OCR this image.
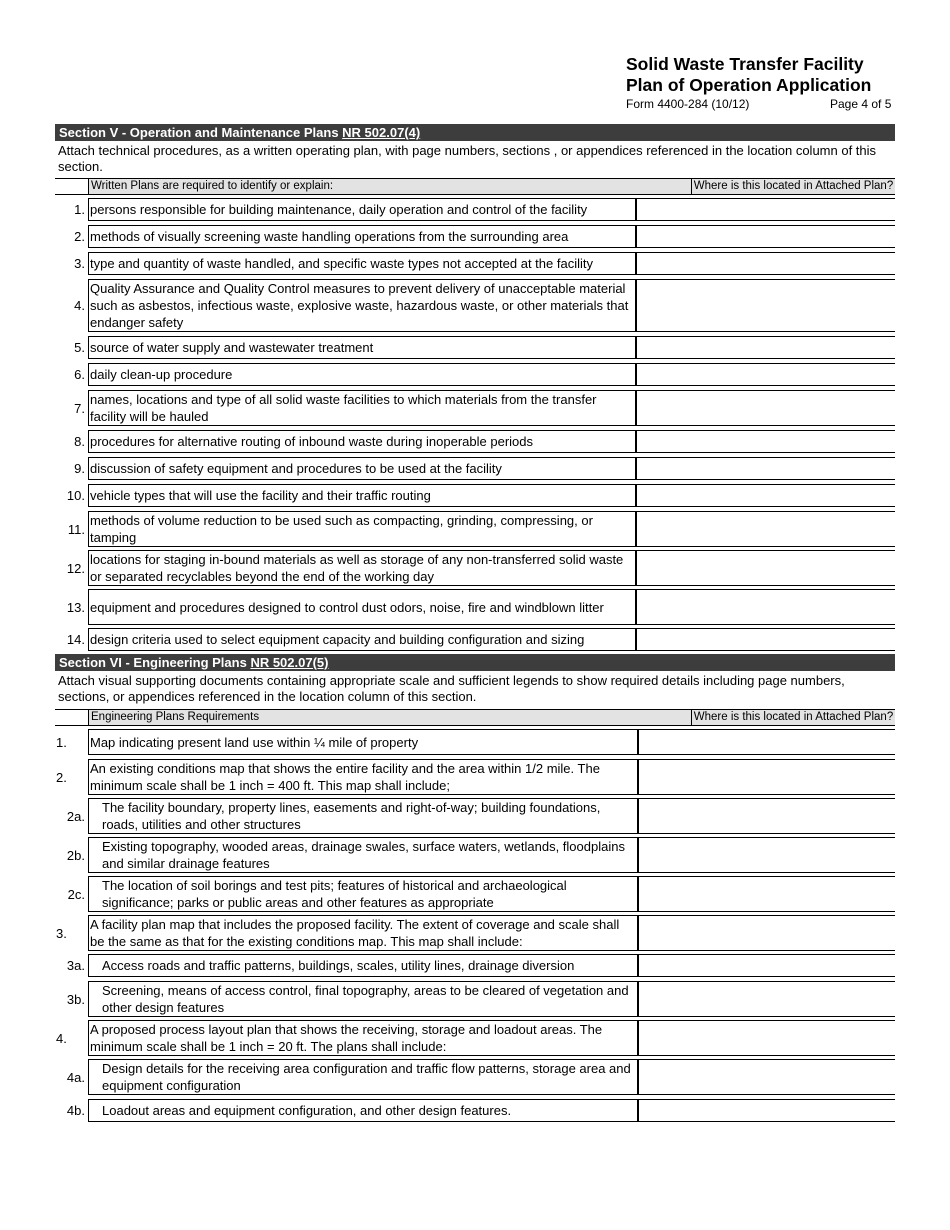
Solid Waste Transfer Facility
Plan of Operation Application
Form 4400-284 (10/12)	Page 4 of 5
Section V - Operation and Maintenance Plans NR 502.07(4)
Attach technical procedures, as a written operating plan, with page numbers, sections , or appendices referenced in the location column of this section.
Written Plans are required to identify or explain:	Where is this located in Attached Plan?
1. persons responsible for building maintenance, daily operation and control of the facility
2. methods of visually screening waste handling operations from the surrounding area
3. type and quantity of waste handled, and specific waste types not accepted at the facility
4.
Quality Assurance and Quality Control measures to prevent delivery of unacceptable material such as asbestos, infectious waste, explosive waste, hazardous waste, or other materials that endanger safety
5. source of water supply and wastewater treatment
6. daily clean-up procedure
7.
names, locations and type of all solid waste facilities to which materials from the transfer facility will be hauled
8. procedures for alternative routing of inbound waste during inoperable periods
9. discussion of safety equipment and procedures to be used at the facility
10. vehicle types that will use the facility and their traffic routing
11.
methods of volume reduction to be used such as compacting, grinding, compressing, or tamping
12.
locations for staging in-bound materials as well as storage of any non-transferred solid waste or separated recyclables beyond the end of the working day
13. equipment and procedures designed to control dust odors, noise, fire and windblown litter
14. design criteria used to select equipment capacity and building configuration and sizing
Section VI - Engineering Plans NR 502.07(5)
Attach visual supporting documents containing appropriate scale and sufficient legends to show required details including page numbers, sections, or appendices referenced in the location column of this section.
Engineering Plans Requirements	Where is this located in Attached Plan?
1.	Map indicating present land use within ¼ mile of property
2.
An existing conditions map that shows the entire facility and the area within 1/2 mile. The minimum scale shall be 1 inch = 400 ft. This map shall include;
2a.
The facility boundary, property lines, easements and right-of-way; building foundations, roads, utilities and other structures
2b.
Existing topography, wooded areas, drainage swales, surface waters, wetlands, floodplains and similar drainage features
2c.
The location of soil borings and test pits; features of historical and archaeological significance; parks or public areas and other features as appropriate
3.
A facility plan map that includes the proposed facility. The extent of coverage and scale shall be the same as that for the existing conditions map. This map shall include:
3a. Access roads and traffic patterns, buildings, scales, utility lines, drainage diversion
3b.
Screening, means of access control, final topography, areas to be cleared of vegetation and other design features
4.
A proposed process layout plan that shows the receiving, storage and loadout areas. The minimum scale shall be 1 inch = 20 ft. The plans shall include:
4a.
Design details for the receiving area configuration and traffic flow patterns, storage area and equipment configuration
4b. Loadout areas and equipment configuration, and other design features.
